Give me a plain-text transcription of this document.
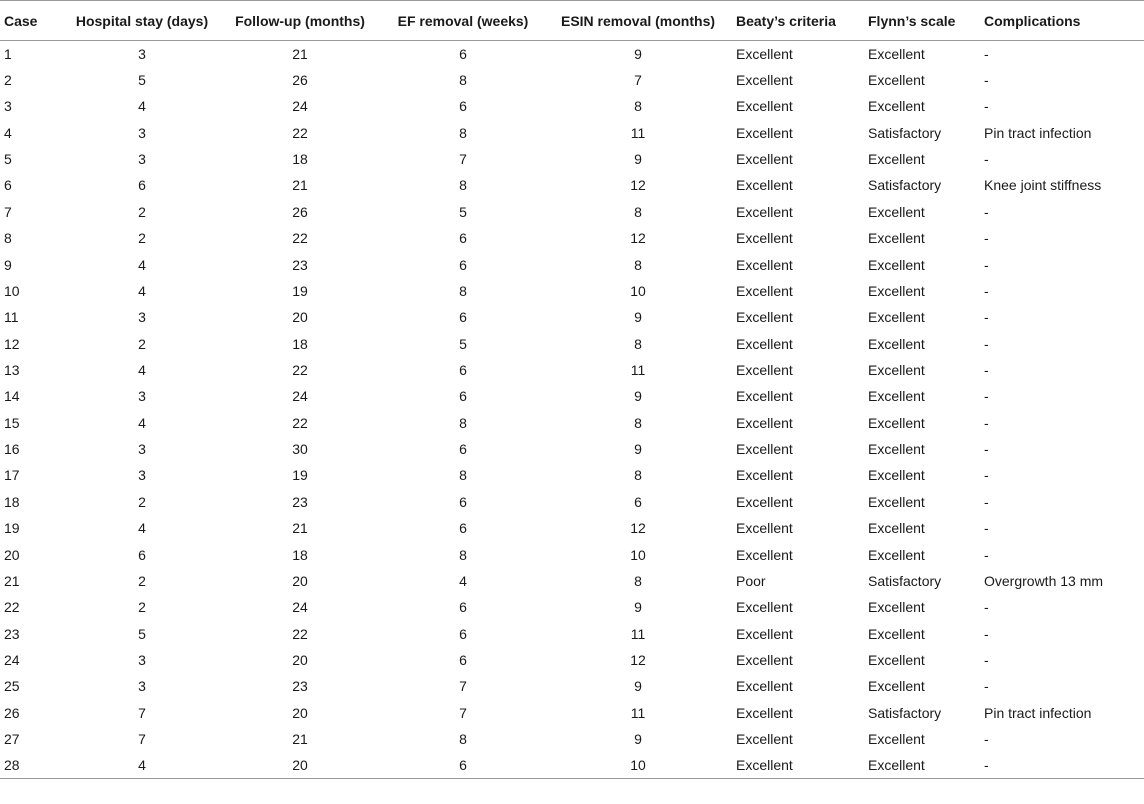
Case	Hospital stay (days)	Follow-up (months)	EF removal (weeks)	ESIN removal (months)	Beaty’s criteria	Flynn’s scale	Complications
1	3	21	6	9	Excellent	Excellent	-
2	5	26	8	7	Excellent	Excellent	-
3	4	24	6	8	Excellent	Excellent	-
4	3	22	8	11	Excellent	Satisfactory	Pin tract infection
5	3	18	7	9	Excellent	Excellent	-
6	6	21	8	12	Excellent	Satisfactory	Knee joint stiffness
7	2	26	5	8	Excellent	Excellent	-
8	2	22	6	12	Excellent	Excellent	-
9	4	23	6	8	Excellent	Excellent	-
10	4	19	8	10	Excellent	Excellent	-
11	3	20	6	9	Excellent	Excellent	-
12	2	18	5	8	Excellent	Excellent	-
13	4	22	6	11	Excellent	Excellent	-
14	3	24	6	9	Excellent	Excellent	-
15	4	22	8	8	Excellent	Excellent	-
16	3	30	6	9	Excellent	Excellent	-
17	3	19	8	8	Excellent	Excellent	-
18	2	23	6	6	Excellent	Excellent	-
19	4	21	6	12	Excellent	Excellent	-
20	6	18	8	10	Excellent	Excellent	-
21	2	20	4	8	Poor	Satisfactory	Overgrowth 13 mm
22	2	24	6	9	Excellent	Excellent	-
23	5	22	6	11	Excellent	Excellent	-
24	3	20	6	12	Excellent	Excellent	-
25	3	23	7	9	Excellent	Excellent	-
26	7	20	7	11	Excellent	Satisfactory	Pin tract infection
27	7	21	8	9	Excellent	Excellent	-
28	4	20	6	10	Excellent	Excellent	-
